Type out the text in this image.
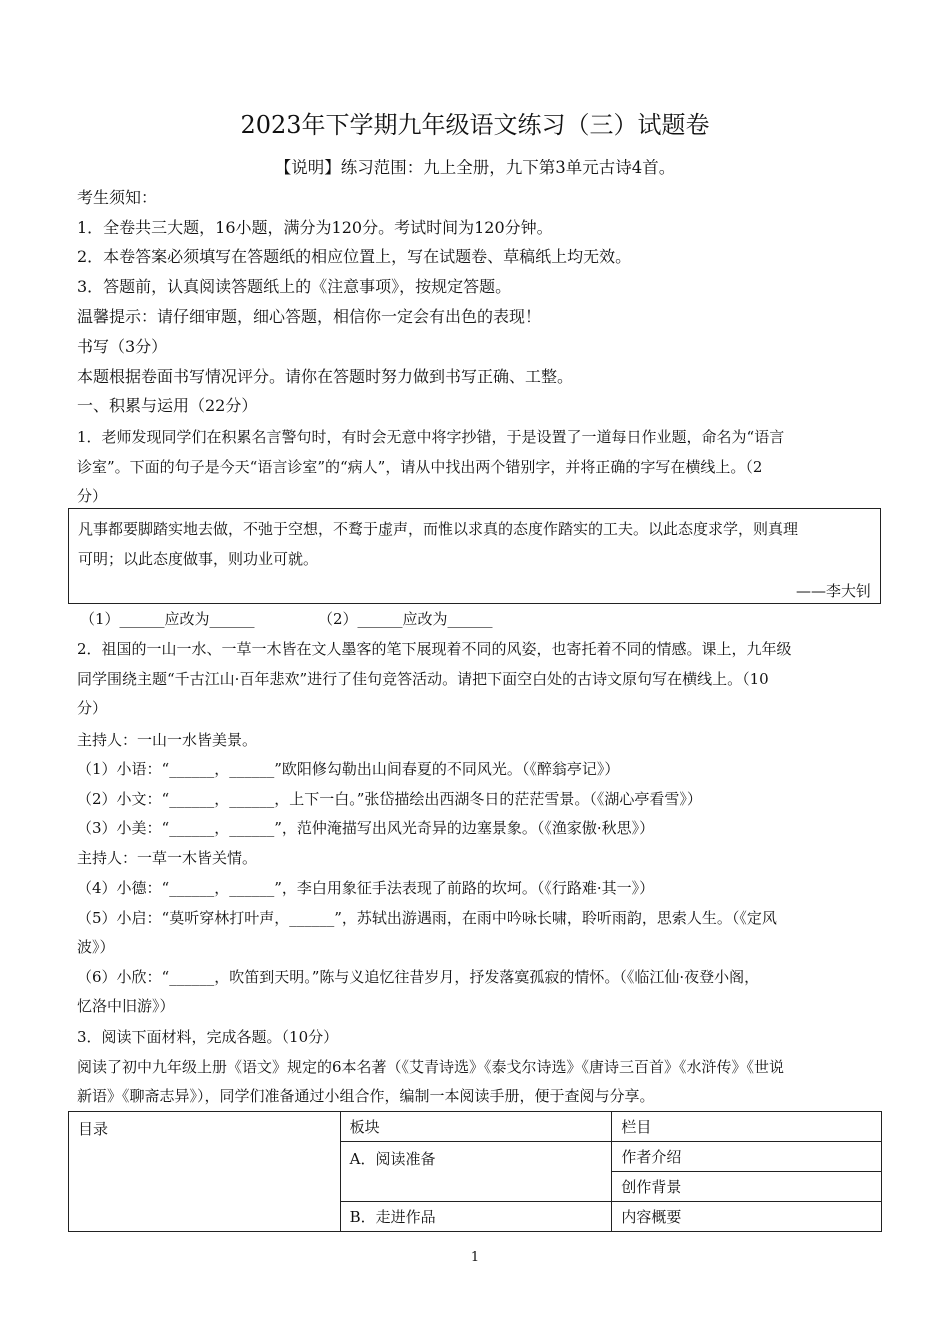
2023年下学期九年级语文练习（三）试题卷
【说明】练习范围：九上全册，九下第3单元古诗4首。
考生须知：
1．全卷共三大题，16小题，满分为120分。考试时间为120分钟。
2．本卷答案必须填写在答题纸的相应位置上，写在试题卷、草稿纸上均无效。
3．答题前，认真阅读答题纸上的《注意事项》，按规定答题。
温馨提示：请仔细审题，细心答题，相信你一定会有出色的表现！
书写（3分）
本题根据卷面书写情况评分。请你在答题时努力做到书写正确、工整。
一、积累与运用（22分）
1．老师发现同学们在积累名言警句时，有时会无意中将字抄错，于是设置了一道每日作业题，命名为“语言
诊室”。下面的句子是今天“语言诊室”的“病人”，请从中找出两个错别字，并将正确的字写在横线上。（2
分）
凡事都要脚踏实地去做，不弛于空想，不鹜于虚声，而惟以求真的态度作踏实的工夫。以此态度求学，则真理
可明；以此态度做事，则功业可就。
——李大钊
（1）______应改为______	（2）______应改为______
2．祖国的一山一水、一草一木皆在文人墨客的笔下展现着不同的风姿，也寄托着不同的情感。课上，九年级
同学围绕主题“千古江山·百年悲欢”进行了佳句竞答活动。请把下面空白处的古诗文原句写在横线上。（10
分）
主持人：一山一水皆美景。
（1）小语：“______，______”欧阳修勾勒出山间春夏的不同风光。（《醉翁亭记》）
（2）小文：“______，______，上下一白。”张岱描绘出西湖冬日的茫茫雪景。（《湖心亭看雪》）
（3）小美：“______，______”，范仲淹描写出风光奇异的边塞景象。（《渔家傲·秋思》）
主持人：一草一木皆关情。
（4）小德：“______，______”，李白用象征手法表现了前路的坎坷。（《行路难·其一》）
（5）小启：“莫听穿林打叶声，______”，苏轼出游遇雨，在雨中吟咏长啸，聆听雨韵，思索人生。（《定风
波》）
（6）小欣：“______，吹笛到天明。”陈与义追忆往昔岁月，抒发落寞孤寂的情怀。（《临江仙·夜登小阁，
忆洛中旧游》）
3．阅读下面材料，完成各题。（10分）
阅读了初中九年级上册《语文》规定的6本名著（《艾青诗选》《泰戈尔诗选》《唐诗三百首》《水浒传》《世说
新语》《聊斋志异》），同学们准备通过小组合作，编制一本阅读手册，便于查阅与分享。
目录	板块	栏目
	A．阅读准备	作者介绍
		创作背景
	B．走进作品	内容概要
1
